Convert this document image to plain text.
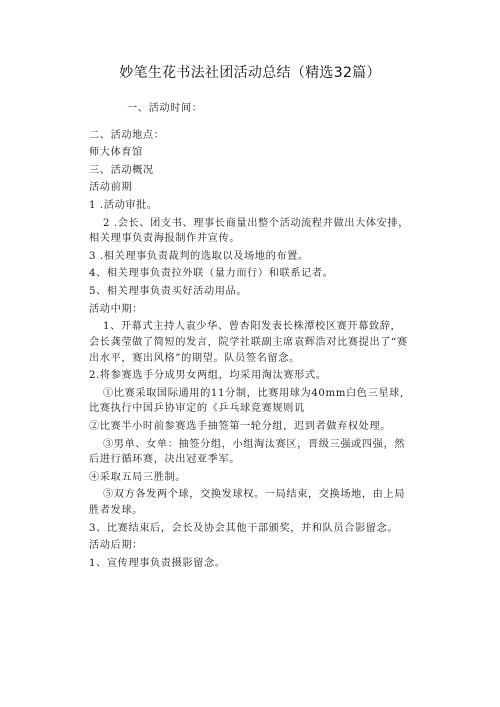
妙笔生花书法社团活动总结（精选32篇）

一、活动时间：

二、活动地点：

师大体育馆

三、活动概况

活动前期

1 .活动审批。

2 .会长、团支书、理事长商量出整个活动流程并做出大体安排，相关理事负责海报制作并宣传。

3 .相关理事负责裁判的选取以及场地的布置。

4、相关理事负责拉外联（量力而行）和联系记者。

5、相关理事负责买好活动用品。

活动中期：

1、开幕式主持人袁少华、曾杏阳发表长株潭校区赛开幕致辞，会长龚莹做了简短的发言，院学社联副主席袁辉浩对比赛提出了“赛出水平，赛出风格”的期望。队员签名留念。

2.将参赛选手分成男女两组，均采用淘汰赛形式。

①比赛采取国际通用的11分制，比赛用球为40mm白色三星球,比赛执行中国乒协审定的《乒乓球竞赛规则讥

②比赛半小时前参赛选手抽签第一轮分组，迟到者做弃权处理。

③男单、女单：抽签分组，小组淘汰赛区，晋级三强或四强，然后进行循环赛，决出冠亚季军。

④采取五局三胜制。

⑤双方各发两个球，交换发球权。一局结束，交换场地，由上局胜者发球。

3、比赛结束后，会长及协会其他干部颁奖，并和队员合影留念。

活动后期：

1、宣传理事负责摄影留念。
